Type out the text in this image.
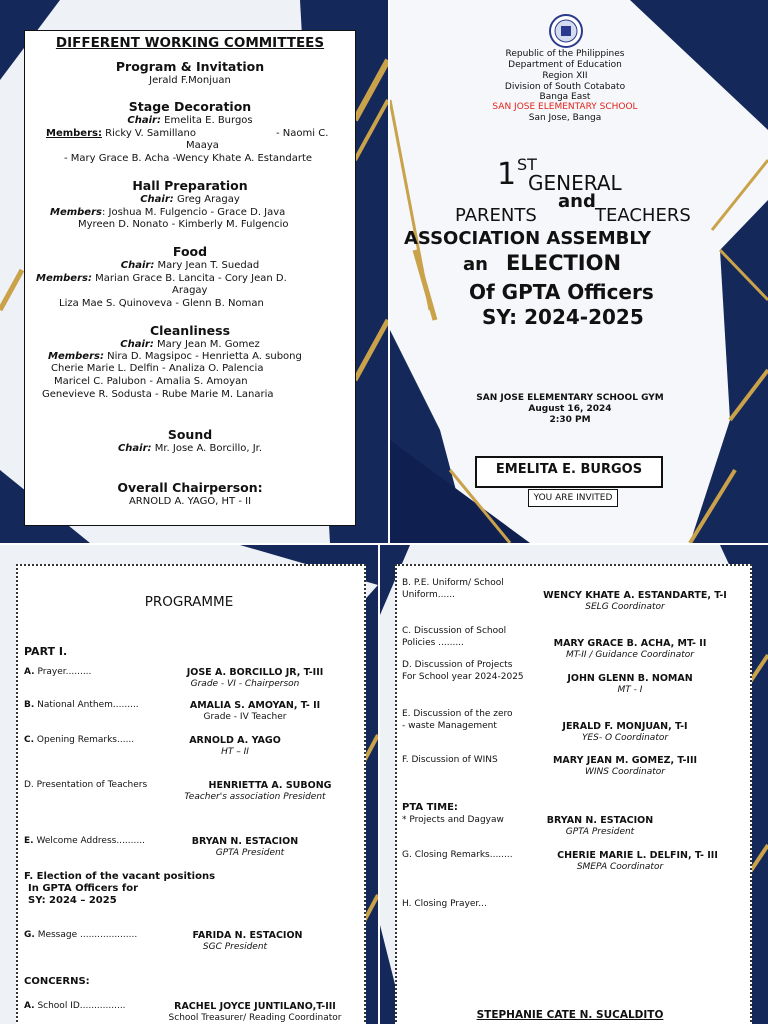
DIFFERENT WORKING COMMITTEES
Program & Invitation
Jerald F.Monjuan
Stage Decoration
Chair: Emelita E. Burgos
Members: Ricky V. Samillano	- Naomi C.
Maaya
- Mary Grace B. Acha -Wency Khate A. Estandarte
Hall Preparation
Chair: Greg Aragay
Members: Joshua M. Fulgencio - Grace D. Java
Myreen D. Nonato - Kimberly M. Fulgencio
Food
Chair: Mary Jean T. Suedad
Members: Marian Grace B. Lancita - Cory Jean D.
Aragay
Liza Mae S. Quinoveva - Glenn B. Noman
Cleanliness
Chair: Mary Jean M. Gomez
Members: Nira D. Magsipoc - Henrietta A. subong
Cherie Marie L. Delfin - Analiza O. Palencia
Maricel C. Palubon - Amalia S. Amoyan
Genevieve R. Sodusta - Rube Marie M. Lanaria
Sound
Chair: Mr. Jose A. Borcillo, Jr.
Overall Chairperson:
ARNOLD A. YAGO, HT - II
Republic of the Philippines
Department of Education
Region XII
Division of South Cotabato
Banga East
SAN JOSE ELEMENTARY SCHOOL
San Jose, Banga
1 ST
GENERAL
and
PARENTS	TEACHERS
ASSOCIATION ASSEMBLY
an ELECTION
Of GPTA Officers
SY: 2024-2025
SAN JOSE ELEMENTARY SCHOOL GYM
August 16, 2024
2:30 PM
EMELITA E. BURGOS
YOU ARE INVITED
PROGRAMME
PART I.
A. Prayer.........	JOSE A. BORCILLO JR, T-III
Grade - VI - Chairperson
B. National Anthem.........	AMALIA S. AMOYAN, T- II
Grade - IV Teacher
C. Opening Remarks......	ARNOLD A. YAGO
HT – II
D. Presentation of Teachers	HENRIETTA A. SUBONG
Teacher's association President
E. Welcome Address..........	BRYAN N. ESTACION
GPTA President
F. Election of the vacant positions
In GPTA Officers for
SY: 2024 – 2025
G. Message ....................	FARIDA N. ESTACION
SGC President
CONCERNS:
A. School ID................	RACHEL JOYCE JUNTILANO,T-III
School Treasurer/ Reading Coordinator
B. P.E. Uniform/ School
Uniform......	WENCY KHATE A. ESTANDARTE, T-I
SELG Coordinator
C. Discussion of School
Policies .........	MARY GRACE B. ACHA, MT- II
MT-II / Guidance Coordinator
D. Discussion of Projects
For School year 2024-2025	JOHN GLENN B. NOMAN
MT - I
E. Discussion of the zero
- waste Management	JERALD F. MONJUAN, T-I
YES- O Coordinator
F. Discussion of WINS	MARY JEAN M. GOMEZ, T-III
WINS Coordinator
PTA TIME:
* Projects and Dagyaw	BRYAN N. ESTACION
GPTA President
G. Closing Remarks........	CHERIE MARIE L. DELFIN, T- III
SMEPA Coordinator
H. Closing Prayer...
STEPHANIE CATE N. SUCALDITO
